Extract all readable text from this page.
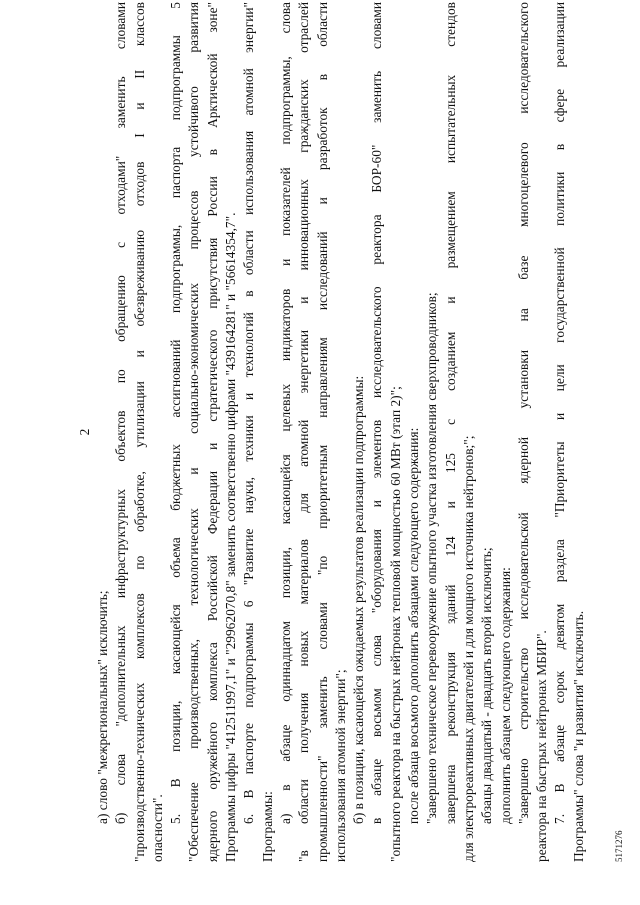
2
а) слово "межрегиональных" исключить; б) слова "дополнительных инфраструктурных объектов по обращению с отходами" заменить словами "производственно-технических комплексов по обработке, утилизации и обезвреживанию отходов I и II классов опасности".
5. В позиции, касающейся объема бюджетных ассигнований подпрограммы, паспорта подпрограммы 5 "Обеспечение производственных, технологических и социально-экономических процессов устойчивого развития ядерного оружейного комплекса Российской Федерации и стратегического присутствия России в Арктической зоне" Программы цифры "412511997,1" и "29962070,8" заменить соответственно цифрами "439164281" и "56614354,7". 6. В паспорте подпрограммы 6 "Развитие науки, техники и технологий в области использования атомной энергии"
Программы:
а) в абзаце одиннадцатом позиции, касающейся целевых индикаторов и показателей подпрограммы, слова "в области получения новых материалов для атомной энергетики и инновационных гражданских отраслей промышленности" заменить словами "по приоритетным направлениям исследований и разработок в области использования атомной энергии"; б) в позиции, касающейся ожидаемых результатов реализации подпрограммы: в абзаце восьмом слова "оборудования и элементов исследовательского реактора БОР-60" заменить словами "опытного реактора на быстрых нейтронах тепловой мощностью 60 МВт (этап 2)"; после абзаца восьмого дополнить абзацами следующего содержания: "завершено техническое перевооружение опытного участка изготовления сверхпроводников; завершена реконструкция зданий 124 и 125 с созданием и размещением испытательных стендов для электрореактивных двигателей и для мощного источника нейтронов;"; абзацы двадцатый - двадцать второй исключить; дополнить абзацем следующего содержания: "завершено строительство исследовательской ядерной установки на базе многоцелевого исследовательского реактора на быстрых нейтронах МБИР". 7. В абзаце сорок девятом раздела "Приоритеты и цели государственной политики в сфере реализации Программы" слова "и развития" исключить.	5171276
